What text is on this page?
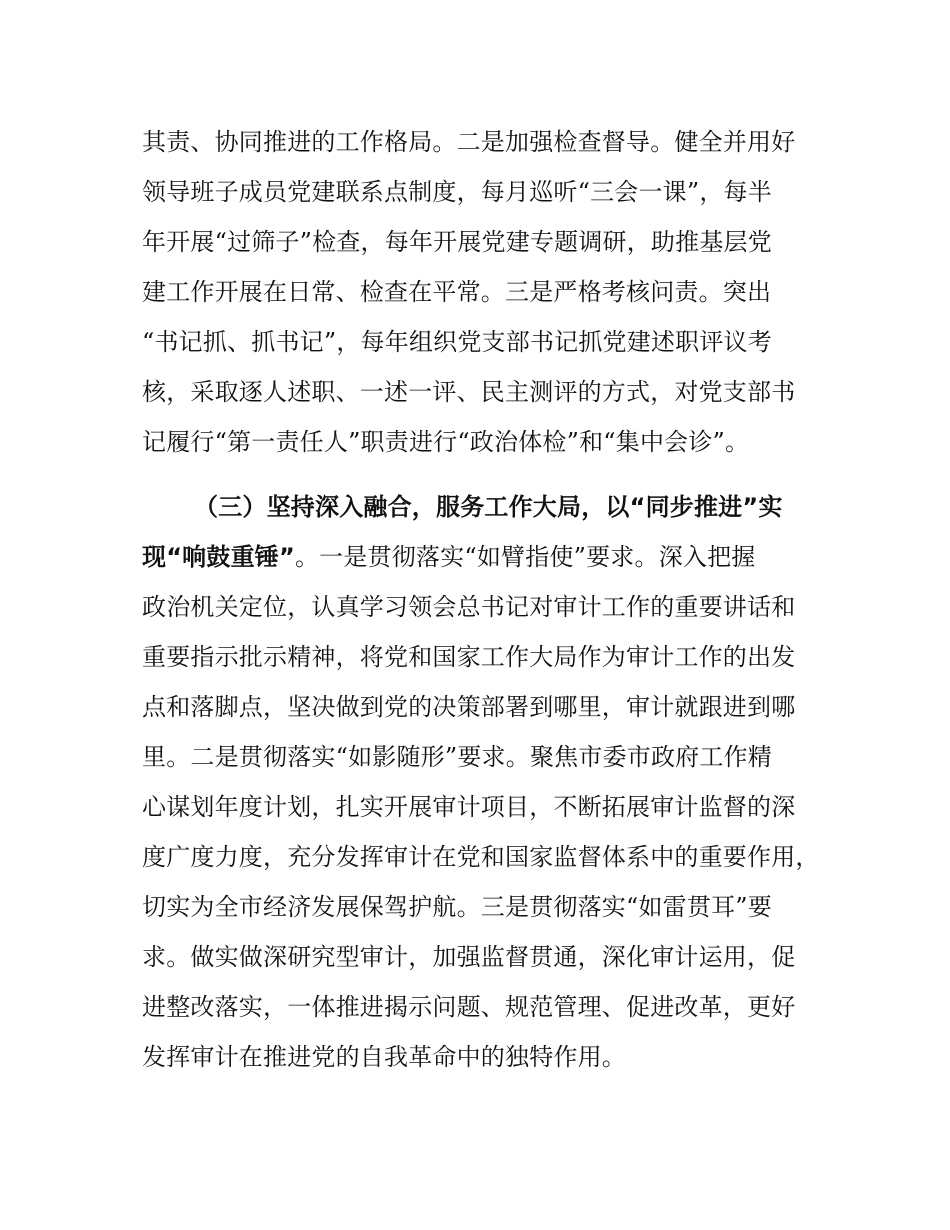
其责、协同推进的工作格局。二是加强检查督导。健全并用好
领导班子成员党建联系点制度，每月巡听“三会一课”，每半
年开展“过筛子”检查，每年开展党建专题调研，助推基层党
建工作开展在日常、检查在平常。三是严格考核问责。突出
“书记抓、抓书记”，每年组织党支部书记抓党建述职评议考
核，采取逐人述职、一述一评、民主测评的方式，对党支部书
记履行“第一责任人”职责进行“政治体检”和“集中会诊”。
（三）坚持深入融合，服务工作大局，以“同步推进”实
现“响鼓重锤”。一是贯彻落实“如臂指使”要求。深入把握
政治机关定位，认真学习领会总书记对审计工作的重要讲话和
重要指示批示精神，将党和国家工作大局作为审计工作的出发
点和落脚点，坚决做到党的决策部署到哪里，审计就跟进到哪
里。二是贯彻落实“如影随形”要求。聚焦市委市政府工作精
心谋划年度计划，扎实开展审计项目，不断拓展审计监督的深
度广度力度，充分发挥审计在党和国家监督体系中的重要作用，
切实为全市经济发展保驾护航。三是贯彻落实“如雷贯耳”要
求。做实做深研究型审计，加强监督贯通，深化审计运用，促
进整改落实，一体推进揭示问题、规范管理、促进改革，更好
发挥审计在推进党的自我革命中的独特作用。
